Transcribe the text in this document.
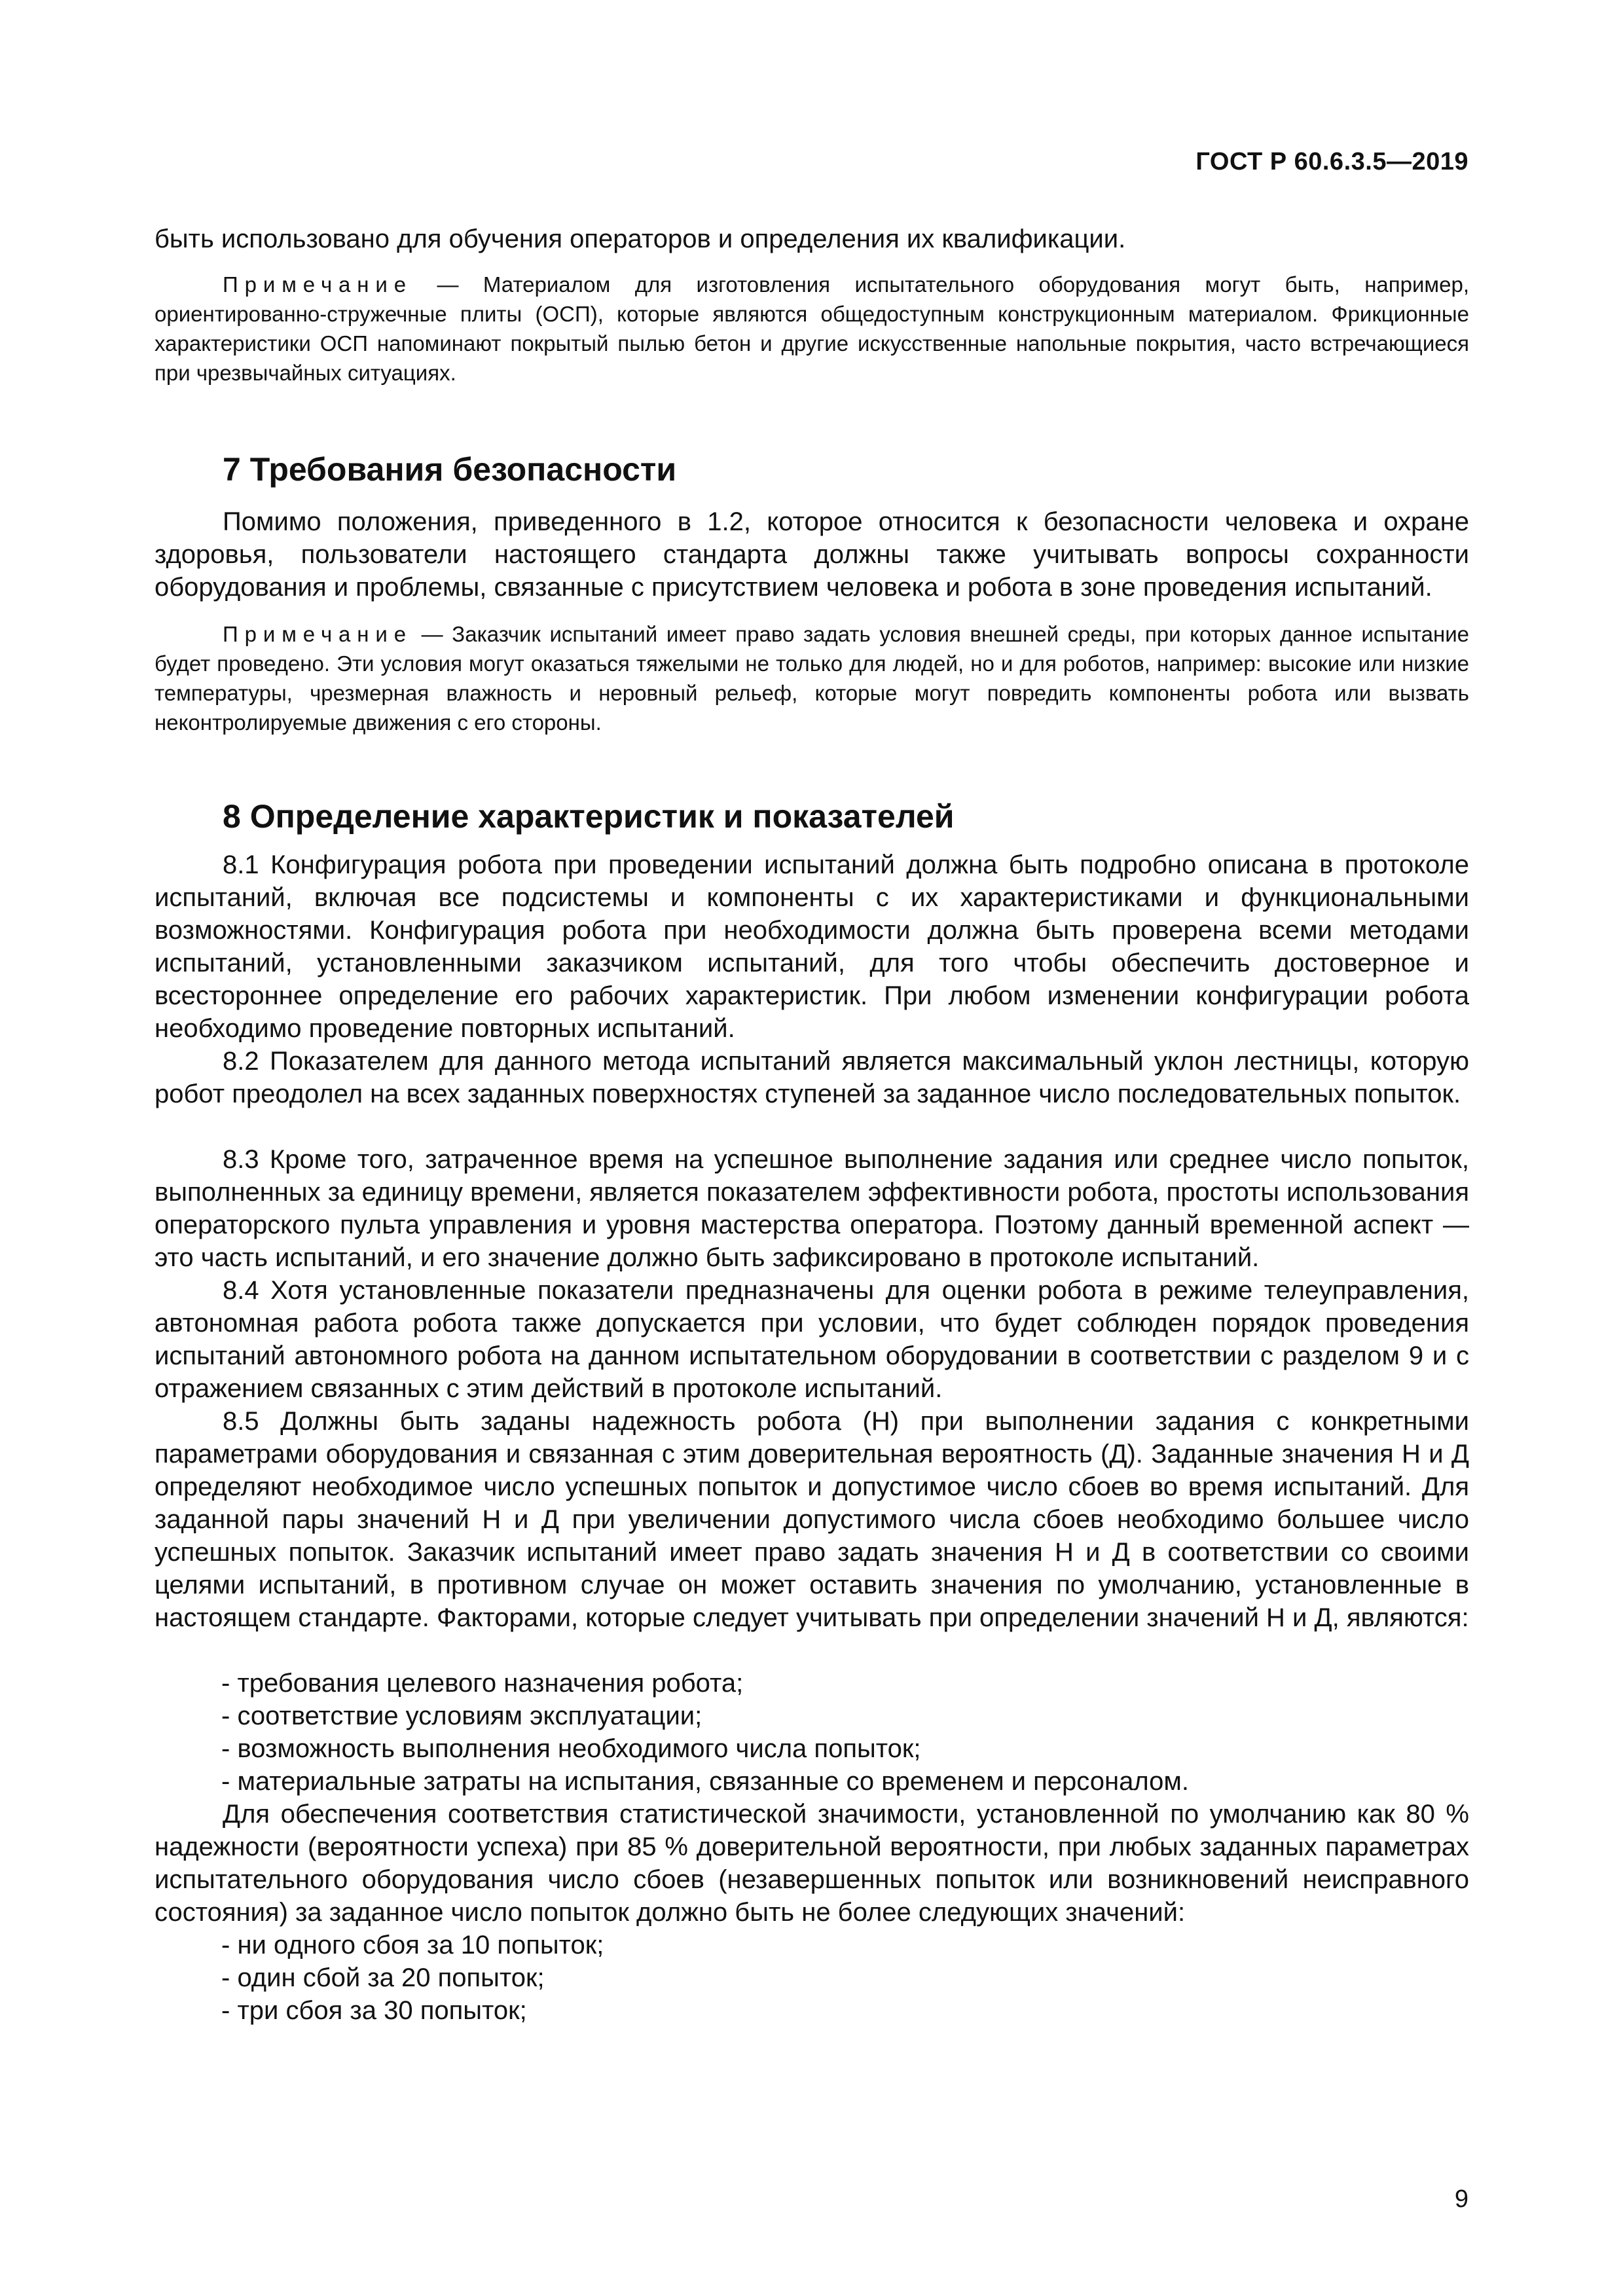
ГОСТ Р 60.6.3.5—2019
быть использовано для обучения операторов и определения их квалификации.
Примечание — Материалом для изготовления испытательного оборудования могут быть, например, ориентированно-стружечные плиты (ОСП), которые являются общедоступным конструкционным материалом. Фрикционные характеристики ОСП напоминают покрытый пылью бетон и другие искусственные напольные покрытия, часто встречающиеся при чрезвычайных ситуациях.
7 Требования безопасности
Помимо положения, приведенного в 1.2, которое относится к безопасности человека и охране здоровья, пользователи настоящего стандарта должны также учитывать вопросы сохранности оборудования и проблемы, связанные с присутствием человека и робота в зоне проведения испытаний.
Примечание — Заказчик испытаний имеет право задать условия внешней среды, при которых данное испытание будет проведено. Эти условия могут оказаться тяжелыми не только для людей, но и для роботов, например: высокие или низкие температуры, чрезмерная влажность и неровный рельеф, которые могут повредить компоненты робота или вызвать неконтролируемые движения с его стороны.
8 Определение характеристик и показателей
8.1 Конфигурация робота при проведении испытаний должна быть подробно описана в протоколе испытаний, включая все подсистемы и компоненты с их характеристиками и функциональными возможностями. Конфигурация робота при необходимости должна быть проверена всеми методами испытаний, установленными заказчиком испытаний, для того чтобы обеспечить достоверное и всестороннее определение его рабочих характеристик. При любом изменении конфигурации робота необходимо проведение повторных испытаний.
8.2 Показателем для данного метода испытаний является максимальный уклон лестницы, которую робот преодолел на всех заданных поверхностях ступеней за заданное число последовательных попыток.
8.3 Кроме того, затраченное время на успешное выполнение задания или среднее число попыток, выполненных за единицу времени, является показателем эффективности робота, простоты использования операторского пульта управления и уровня мастерства оператора. Поэтому данный временной аспект — это часть испытаний, и его значение должно быть зафиксировано в протоколе испытаний.
8.4 Хотя установленные показатели предназначены для оценки робота в режиме телеуправления, автономная работа робота также допускается при условии, что будет соблюден порядок проведения испытаний автономного робота на данном испытательном оборудовании в соответствии с разделом 9 и с отражением связанных с этим действий в протоколе испытаний.
8.5 Должны быть заданы надежность робота (Н) при выполнении задания с конкретными параметрами оборудования и связанная с этим доверительная вероятность (Д). Заданные значения Н и Д определяют необходимое число успешных попыток и допустимое число сбоев во время испытаний. Для заданной пары значений Н и Д при увеличении допустимого числа сбоев необходимо большее число успешных попыток. Заказчик испытаний имеет право задать значения Н и Д в соответствии со своими целями испытаний, в противном случае он может оставить значения по умолчанию, установленные в настоящем стандарте. Факторами, которые следует учитывать при определении значений Н и Д, являются:
- требования целевого назначения робота;
- соответствие условиям эксплуатации;
- возможность выполнения необходимого числа попыток;
- материальные затраты на испытания, связанные со временем и персоналом.
Для обеспечения соответствия статистической значимости, установленной по умолчанию как 80 % надежности (вероятности успеха) при 85 % доверительной вероятности, при любых заданных параметрах испытательного оборудования число сбоев (незавершенных попыток или возникновений неисправного состояния) за заданное число попыток должно быть не более следующих значений:
- ни одного сбоя за 10 попыток;
- один сбой за 20 попыток;
- три сбоя за 30 попыток;
9
